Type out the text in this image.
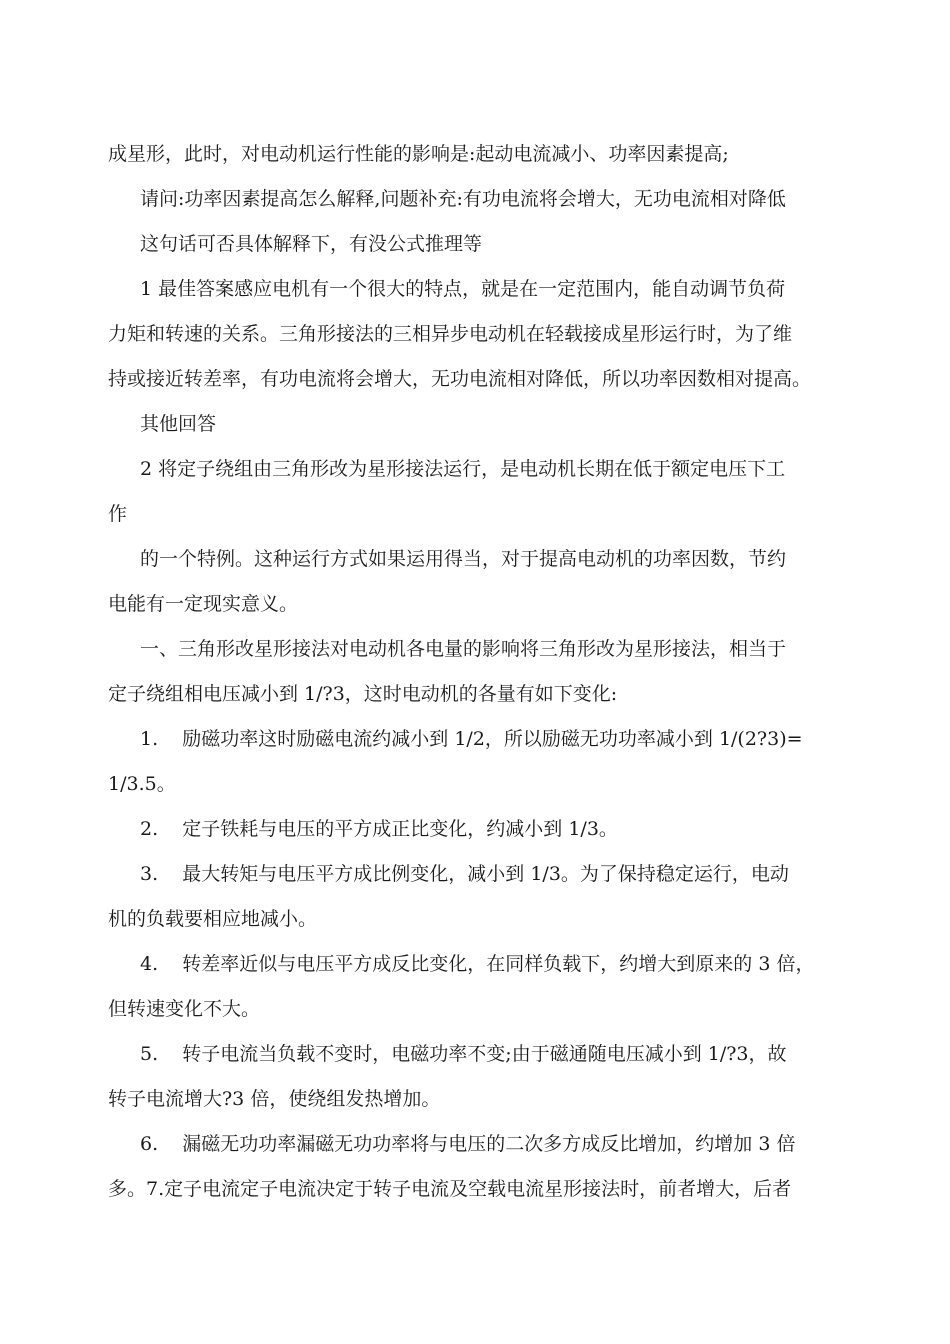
成星形，此时，对电动机运行性能的影响是:起动电流减小、功率因素提高;
请问:功率因素提高怎么解释,问题补充:有功电流将会增大，无功电流相对降低
这句话可否具体解释下，有没公式推理等
1 最佳答案感应电机有一个很大的特点，就是在一定范围内，能自动调节负荷
力矩和转速的关系。三角形接法的三相异步电动机在轻载接成星形运行时，为了维
持或接近转差率，有功电流将会增大，无功电流相对降低，所以功率因数相对提高。
其他回答
2 将定子绕组由三角形改为星形接法运行，是电动机长期在低于额定电压下工
作
的一个特例。这种运行方式如果运用得当，对于提高电动机的功率因数，节约
电能有一定现实意义。
一、三角形改星形接法对电动机各电量的影响将三角形改为星形接法，相当于
定子绕组相电压减小到 1/?3，这时电动机的各量有如下变化:
1.    励磁功率这时励磁电流约减小到 1/2，所以励磁无功功率减小到 1/(2?3)=
1/3.5。
2.    定子铁耗与电压的平方成正比变化，约减小到 1/3。
3.    最大转矩与电压平方成比例变化，减小到 1/3。为了保持稳定运行，电动
机的负载要相应地减小。
4.    转差率近似与电压平方成反比变化，在同样负载下，约增大到原来的 3 倍，
但转速变化不大。
5.    转子电流当负载不变时，电磁功率不变;由于磁通随电压减小到 1/?3，故
转子电流增大?3 倍，使绕组发热增加。
6.    漏磁无功功率漏磁无功功率将与电压的二次多方成反比增加，约增加 3 倍
多。7.定子电流定子电流决定于转子电流及空载电流星形接法时，前者增大，后者
